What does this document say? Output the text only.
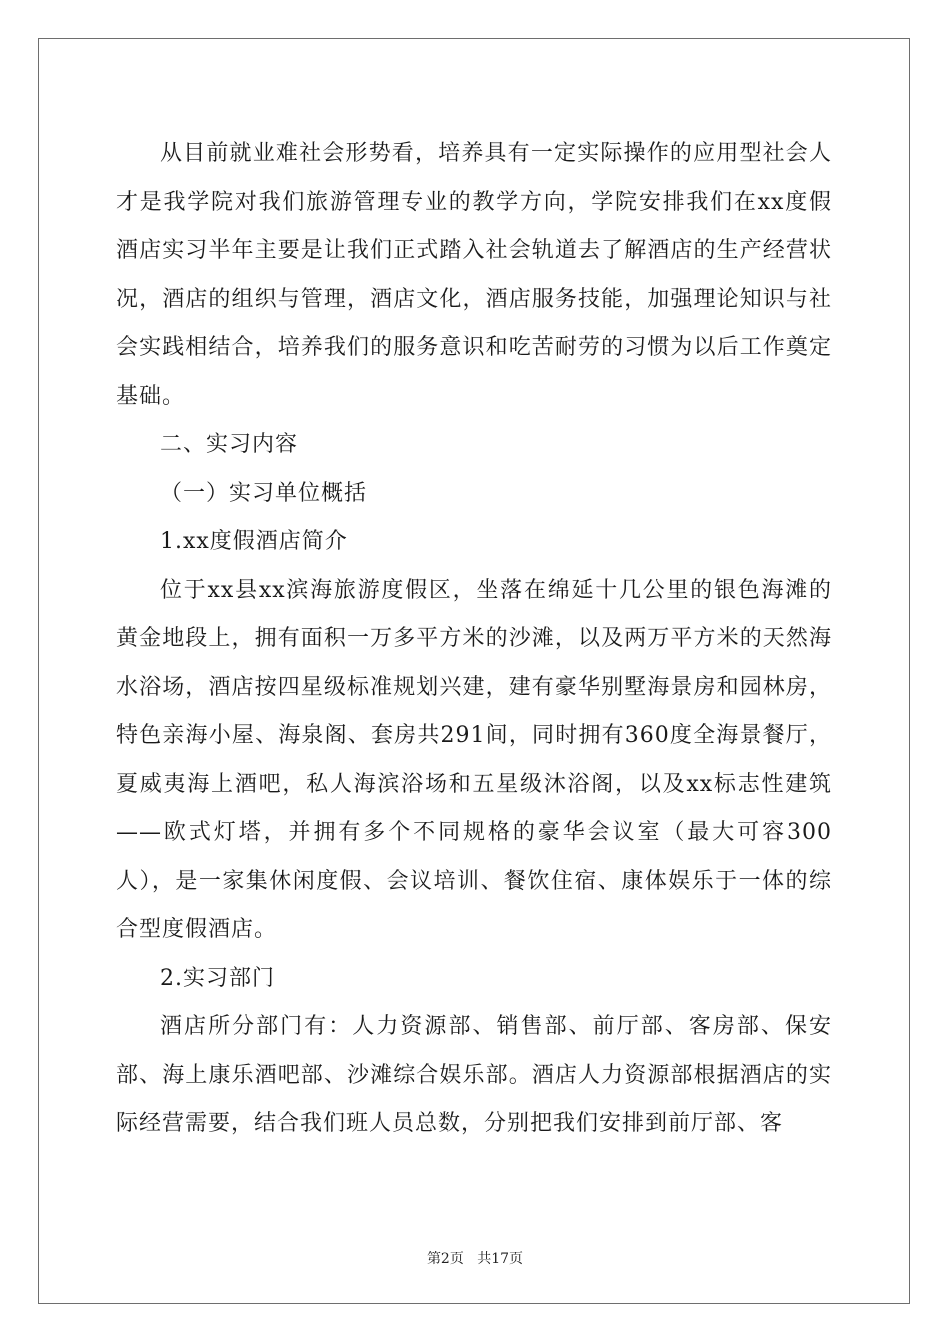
从目前就业难社会形势看，培养具有一定实际操作的应用型社会人才是我学院对我们旅游管理专业的教学方向，学院安排我们在xx度假酒店实习半年主要是让我们正式踏入社会轨道去了解酒店的生产经营状况，酒店的组织与管理，酒店文化，酒店服务技能，加强理论知识与社会实践相结合，培养我们的服务意识和吃苦耐劳的习惯为以后工作奠定基础。

二、实习内容

（一）实习单位概括

1.xx度假酒店简介

位于xx县xx滨海旅游度假区，坐落在绵延十几公里的银色海滩的黄金地段上，拥有面积一万多平方米的沙滩，以及两万平方米的天然海水浴场，酒店按四星级标准规划兴建，建有豪华别墅海景房和园林房，特色亲海小屋、海泉阁、套房共291间，同时拥有360度全海景餐厅，夏威夷海上酒吧，私人海滨浴场和五星级沐浴阁，以及xx标志性建筑——欧式灯塔，并拥有多个不同规格的豪华会议室（最大可容300人），是一家集休闲度假、会议培训、餐饮住宿、康体娱乐于一体的综合型度假酒店。

2.实习部门

酒店所分部门有：人力资源部、销售部、前厅部、客房部、保安部、海上康乐酒吧部、沙滩综合娱乐部。酒店人力资源部根据酒店的实际经营需要，结合我们班人员总数，分别把我们安排到前厅部、客

第2页 共17页
